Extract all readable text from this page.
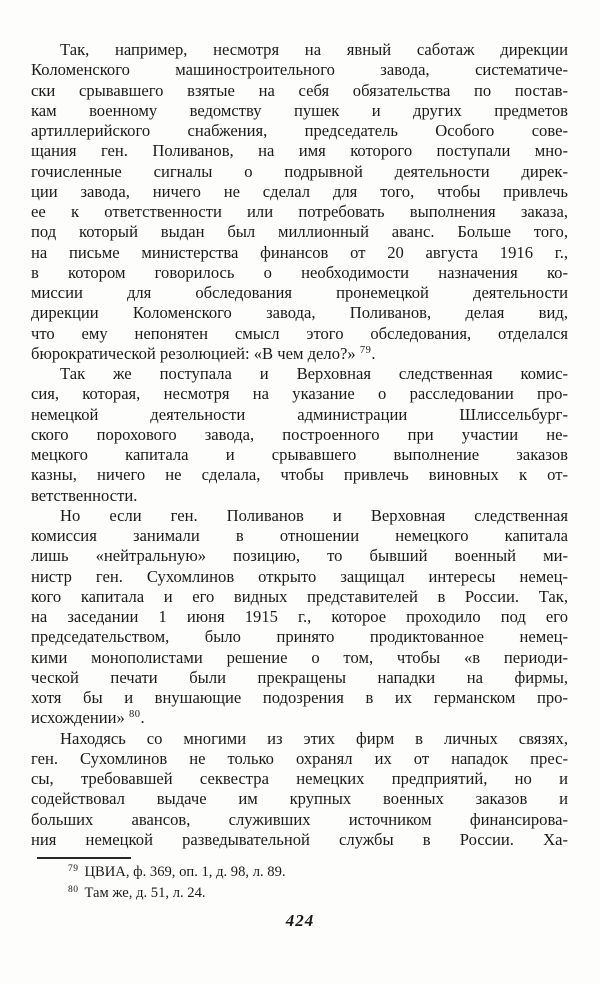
Так, например, несмотря на явный саботаж дирекции
Коломенского машиностроительного завода, систематиче-
ски срывавшего взятые на себя обязательства по постав-
кам военному ведомству пушек и других предметов
артиллерийского снабжения, председатель Особого сове-
щания ген. Поливанов, на имя которого поступали мно-
гочисленные сигналы о подрывной деятельности дирек-
ции завода, ничего не сделал для того, чтобы привлечь
ее к ответственности или потребовать выполнения заказа,
под который выдан был миллионный аванс. Больше того,
на письме министерства финансов от 20 августа 1916 г.,
в котором говорилось о необходимости назначения ко-
миссии для обследования пронемецкой деятельности
дирекции Коломенского завода, Поливанов, делая вид,
что ему непонятен смысл этого обследования, отделался
бюрократической резолюцией: «В чем дело?» $^{79}$.
Так же поступала и Верховная следственная комис-
сия, которая, несмотря на указание о расследовании про-
немецкой деятельности администрации Шлиссельбург-
ского порохового завода, построенного при участии не-
мецкого капитала и срывавшего выполнение заказов
казны, ничего не сделала, чтобы привлечь виновных к от-
ветственности.
Но если ген. Поливанов и Верховная следственная
комиссия занимали в отношении немецкого капитала
лишь «нейтральную» позицию, то бывший военный ми-
нистр ген. Сухомлинов открыто защищал интересы немец-
кого капитала и его видных представителей в России. Так,
на заседании 1 июня 1915 г., которое проходило под его
председательством, было принято продиктованное немец-
кими монополистами решение о том, чтобы «в периоди-
ческой печати были прекращены нападки на фирмы,
хотя бы и внушающие подозрения в их германском про-
исхождении» $^{80}$.
Находясь со многими из этих фирм в личных связях,
ген. Сухомлинов не только охранял их от нападок прес-
сы, требовавшей секвестра немецких предприятий, но и
содействовал выдаче им крупных военных заказов и
больших авансов, служивших источником финансирова-
ния немецкой разведывательной службы в России. Ха-
$^{79}$ ЦВИА, ф. 369, оп. 1, д. 98, л. 89.
$^{80}$ Там же, д. 51, л. 24.
424
